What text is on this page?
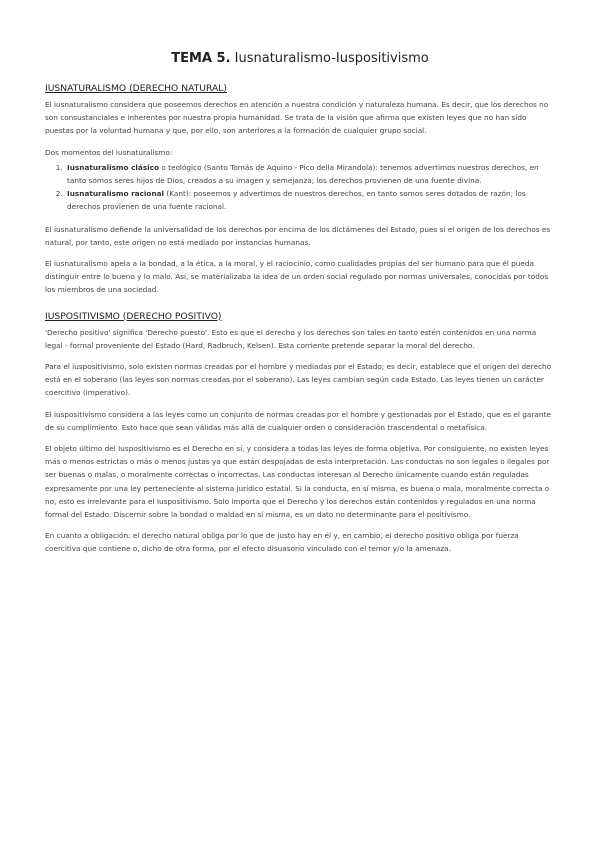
TEMA 5. Iusnaturalismo-Iuspositivismo
IUSNATURALISMO (DERECHO NATURAL)

El iusnaturalismo considera que poseemos derechos en atención a nuestra condición y naturaleza humana. Es decir, que los derechos no son consustanciales e inherentes por nuestra propia humanidad. Se trata de la visión que afirma que existen leyes que no han sido puestas por la voluntad humana y que, por ello, son anteriores a la formación de cualquier grupo social.

Dos momentos del iusnaturalismo:

1. Iusnaturalismo clásico o teológico (Santo Tomás de Aquino - Pico della Mirandola): tenemos advertimos nuestros derechos, en tanto somos seres hijos de Dios, creados a su imagen y semejanza; los derechos provienen de una fuente divina.
2. Iusnaturalismo racional (Kant): poseemos y advertimos de nuestros derechos, en tanto somos seres dotados de razón; los derechos provienen de una fuente racional.

El iusnaturalismo defiende la universalidad de los derechos por encima de los dictámenes del Estado, pues si el origen de los derechos es natural, por tanto, este origen no está mediado por instancias humanas.

El iusnaturalismo apela a la bondad, a la ética, a la moral, y el raciocinio, como cualidades propias del ser humano para que él pueda distinguir entre lo bueno y lo malo. Así, se materializaba la idea de un orden social regulado por normas universales, conocidas por todos los miembros de una sociedad.

IUSPOSITIVISMO (DERECHO POSITIVO)

'Derecho positivo' significa 'Derecho puesto'. Esto es que el derecho y los derechos son tales en tanto estén contenidos en una norma legal - formal proveniente del Estado (Hard, Radbruch, Kelsen). Esta corriente pretende separar la moral del derecho.

Para el iuspositivismo, solo existen normas creadas por el hombre y mediadas por el Estado; es decir, establece que el origen del derecho está en el soberano (las leyes son normas creadas por el soberano). Las leyes cambian según cada Estado. Las leyes tienen un carácter coercitivo (imperativo).

El iuspositivismo considera a las leyes como un conjunto de normas creadas por el hombre y gestionadas por el Estado, que es el garante de su cumplimiento. Esto hace que sean válidas más allá de cualquier orden o consideración trascendental o metafísica.

El objeto último del Iuspositivismo es el Derecho en sí, y considera a todas las leyes de forma objetiva. Por consiguiente, no existen leyes más o menos estrictas o más o menos justas ya que están despojadas de esta interpretación. Las conductas no son legales o ilegales por ser buenas o malas, o moralmente correctas o incorrectas. Las conductas interesan al Derecho únicamente cuando están reguladas expresamente por una ley perteneciente al sistema jurídico estatal. Si la conducta, en sí misma, es buena o mala, moralmente correcta o no, esto es irrelevante para el Iuspositivismo. Solo importa que el Derecho y los derechos están contenidos y regulados en una norma formal del Estado. Discernir sobre la bondad o maldad en sí misma, es un dato no determinante para el positivismo.

En cuanto a obligación: el derecho natural obliga por lo que de justo hay en él y, en cambio, el derecho positivo obliga por fuerza coercitiva que contiene o, dicho de otra forma, por el efecto disuasorio vinculado con el temor y/o la amenaza.
